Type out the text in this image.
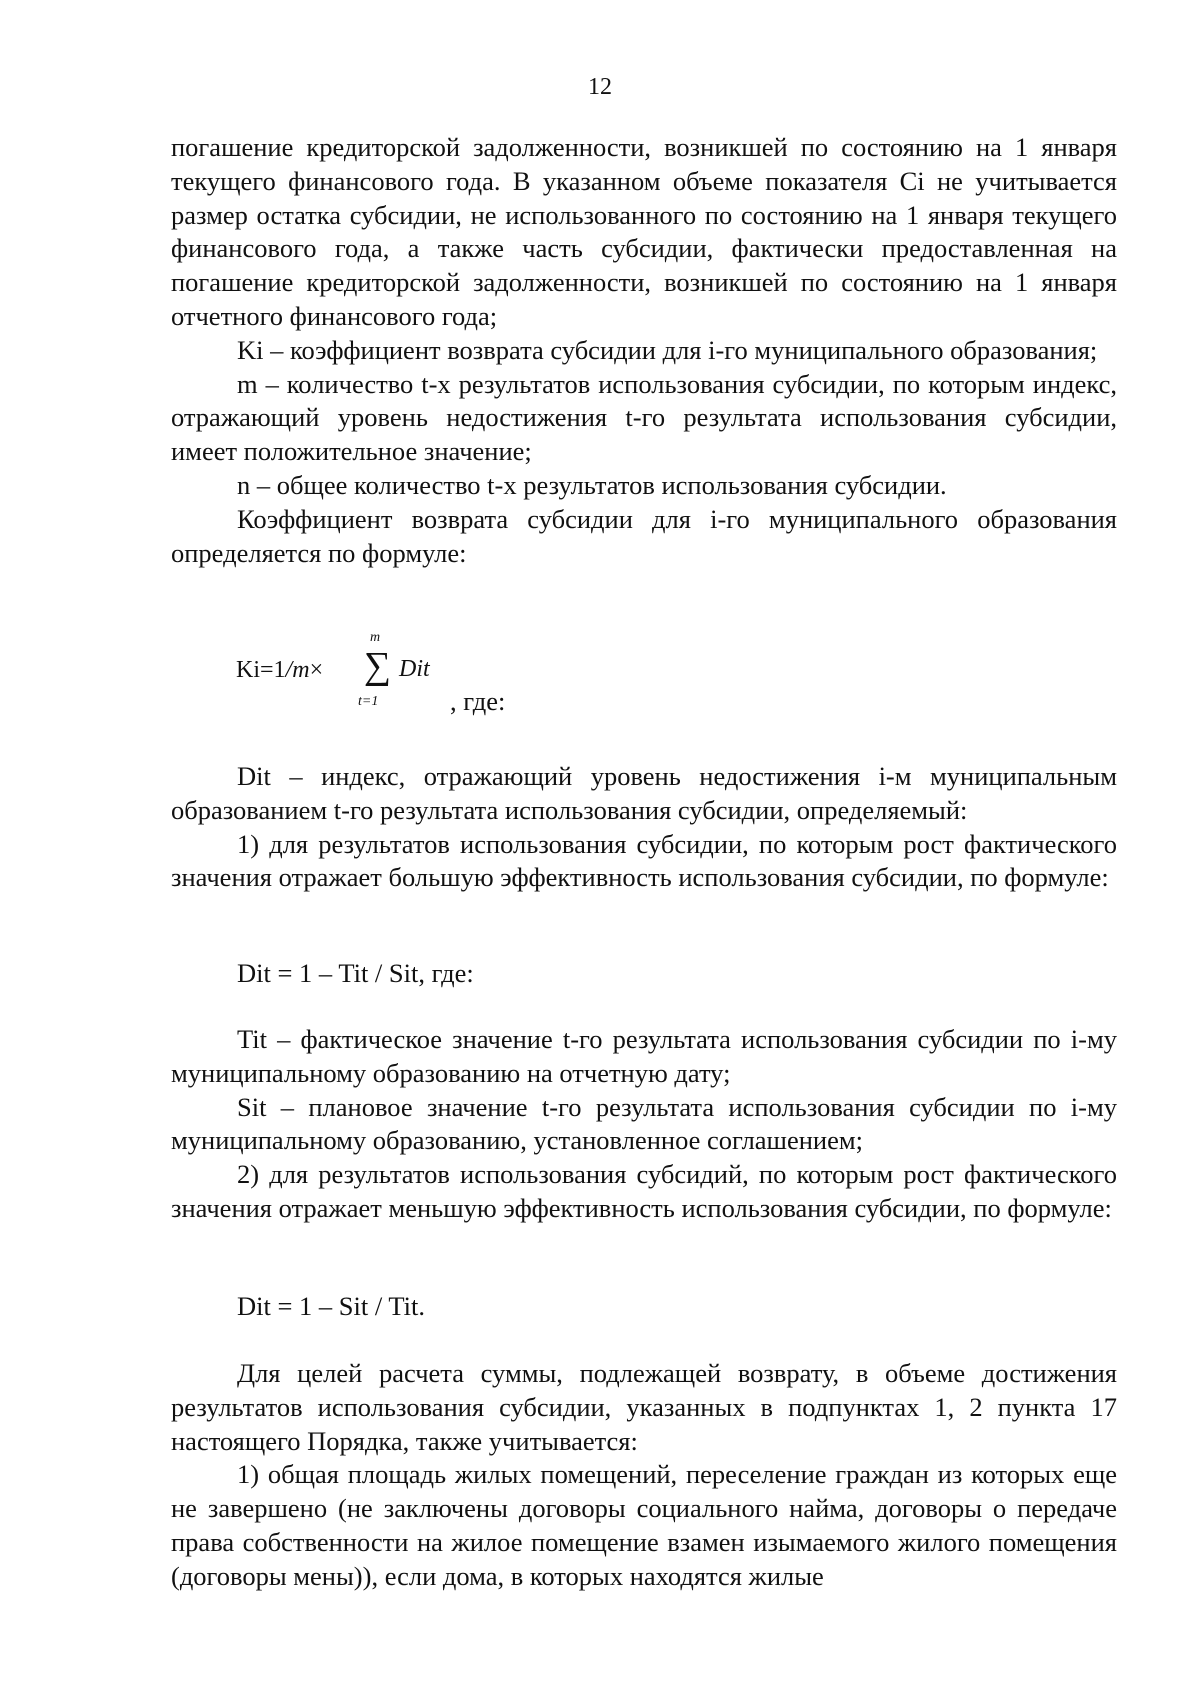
12

погашение кредиторской задолженности, возникшей по состоянию на 1 января текущего финансового года. В указанном объеме показателя Ci не учитывается размер остатка субсидии, не использованного по состоянию на 1 января текущего финансового года, а также часть субсидии, фактически предоставленная на погашение кредиторской задолженности, возникшей по состоянию на 1 января отчетного финансового года;

Ki – коэффициент возврата субсидии для i-го муниципального образования;

m – количество t-x результатов использования субсидии, по которым индекс, отражающий уровень недостижения t-го результата использования субсидии, имеет положительное значение;

n – общее количество t-x результатов использования субсидии.

Коэффициент возврата субсидии для i-го муниципального образования определяется по формуле:

Ki=1/m×
m
∑
t=1
Dit
, где:

Dit – индекс, отражающий уровень недостижения i-м муниципальным образованием t-го результата использования субсидии, определяемый:

1) для результатов использования субсидии, по которым рост фактического значения отражает большую эффективность использования субсидии, по формуле:

Dit = 1 – Tit / Sit, где:

Tit – фактическое значение t-го результата использования субсидии по i-му муниципальному образованию на отчетную дату;

Sit – плановое значение t-го результата использования субсидии по i-му муниципальному образованию, установленное соглашением;

2) для результатов использования субсидий, по которым рост фактического значения отражает меньшую эффективность использования субсидии, по формуле:

Dit = 1 – Sit / Tit.

Для целей расчета суммы, подлежащей возврату, в объеме достижения результатов использования субсидии, указанных в подпунктах 1, 2 пункта 17 настоящего Порядка, также учитывается:

1) общая площадь жилых помещений, переселение граждан из которых еще не завершено (не заключены договоры социального найма, договоры о передаче права собственности на жилое помещение взамен изымаемого жилого помещения (договоры мены)), если дома, в которых находятся жилые
